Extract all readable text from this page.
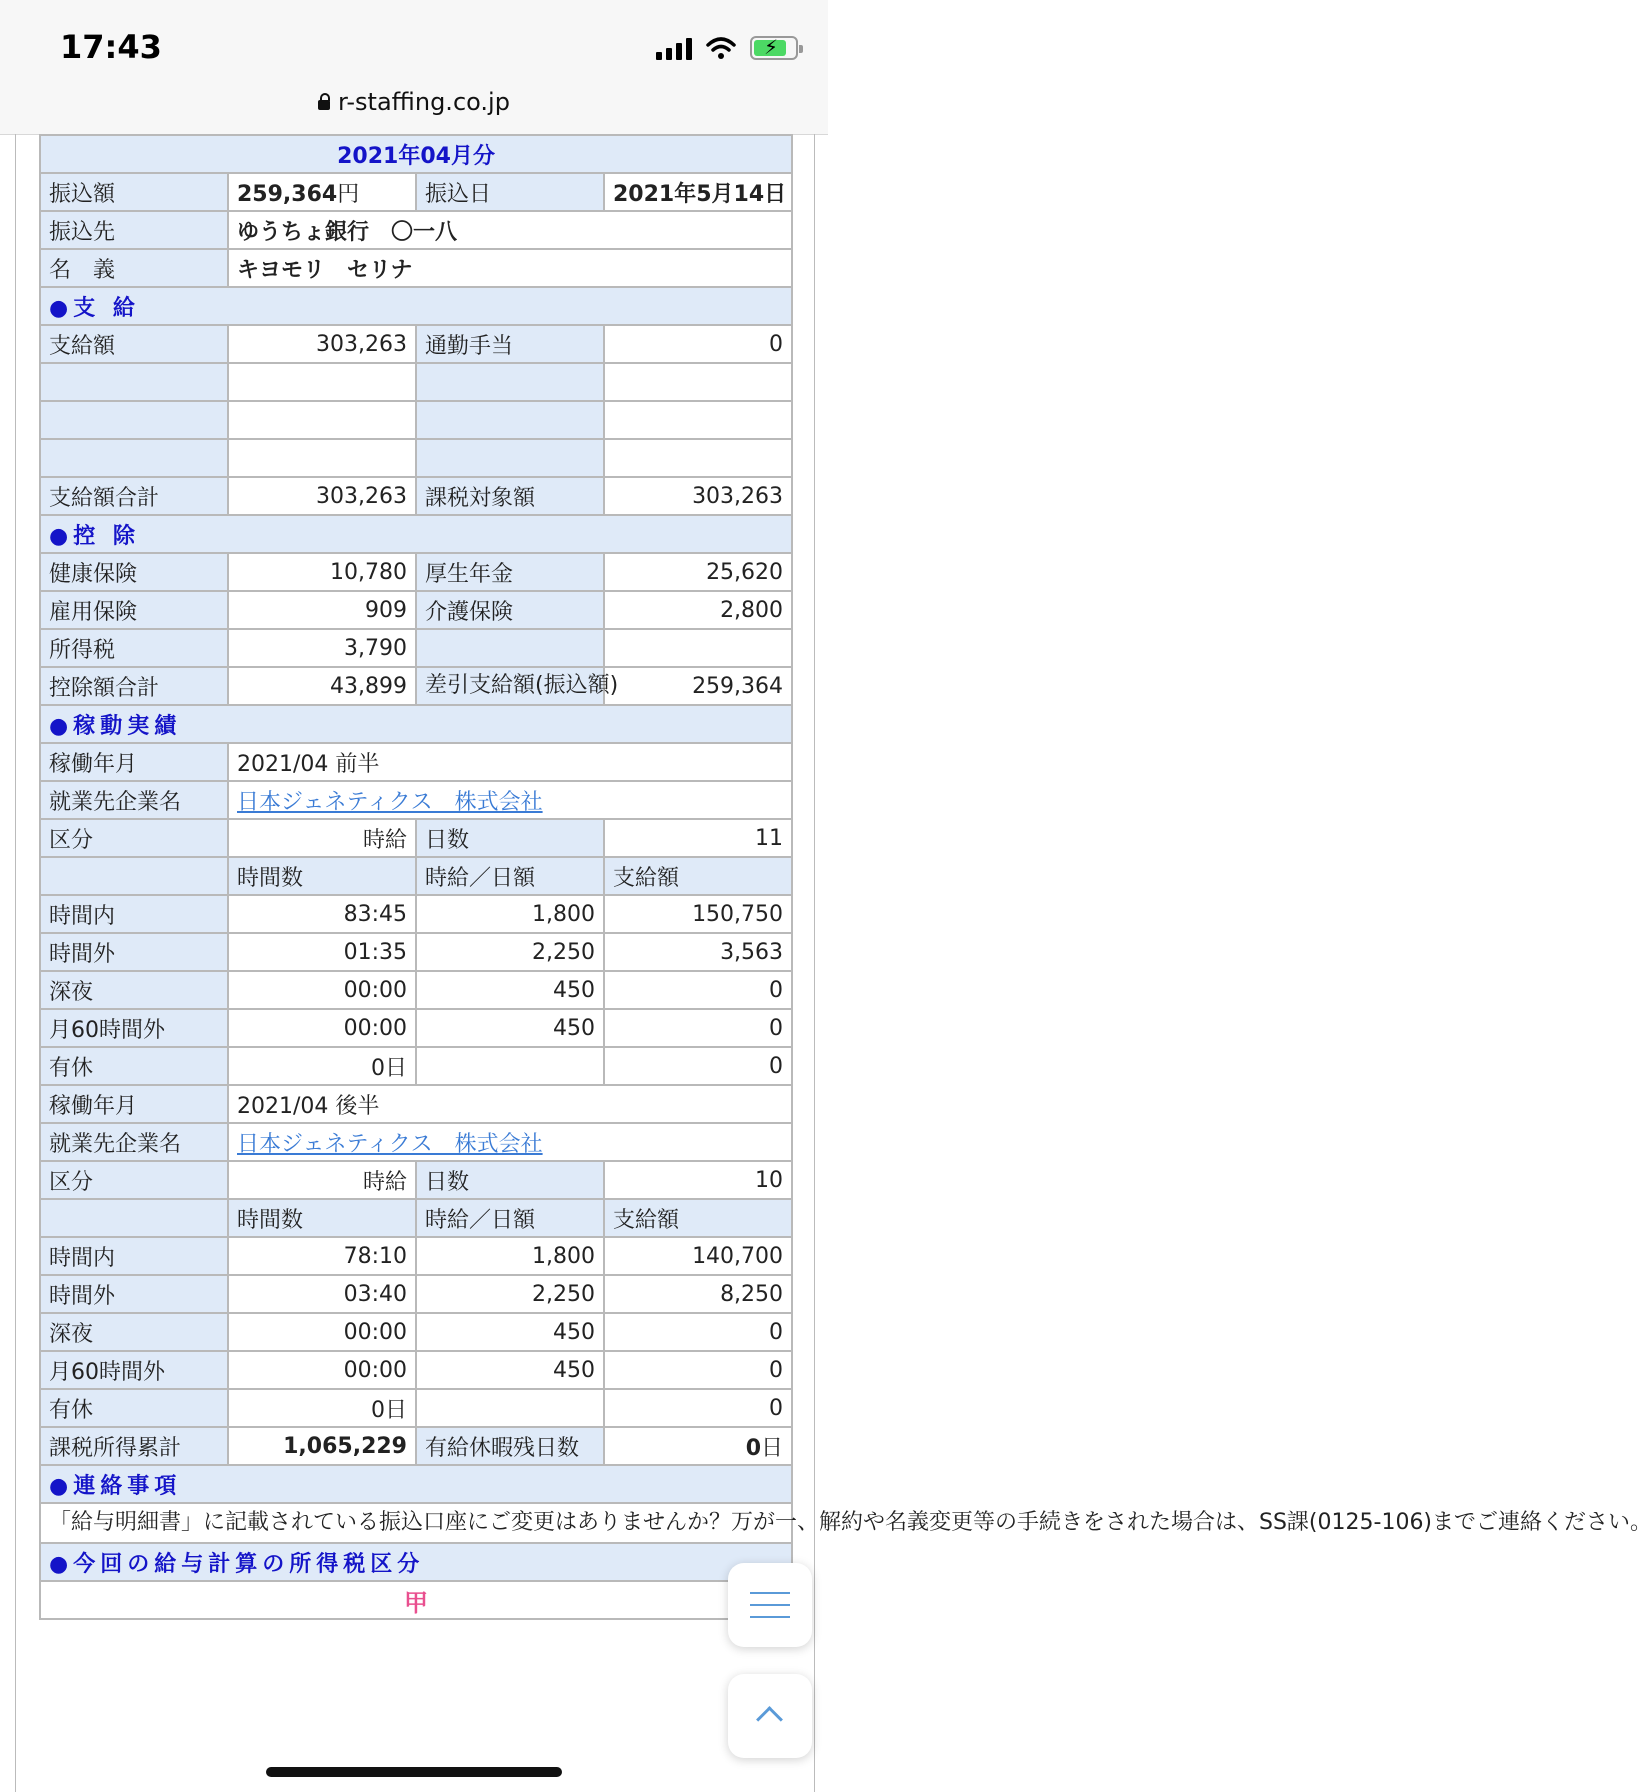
17:43	⚡
r-staffing.co.jp
2021年04月分			
振込額	259,364円	振込日	2021年5月14日
振込先	ゆうちょ銀行　〇一八		
名　義	キヨモリ　セリナ		
●支 給			
支給額	303,263	通勤手当	0

支給額合計	303,263	課税対象額	303,263
●控 除			
健康保険	10,780	厚生年金	25,620
雇用保険	909	介護保険	2,800
所得税	3,790		
控除額合計	43,899	差引支給額(振込額)	259,364
●稼動実績			
稼働年月	2021/04 前半		
就業先企業名	日本ジェネティクス　株式会社		
区分	時給	日数	11
	時間数	時給／日額	支給額
時間内	83:45	1,800	150,750
時間外	01:35	2,250	3,563
深夜	00:00	450	0
月60時間外	00:00	450	0
有休	0日		0
稼働年月	2021/04 後半		
就業先企業名	日本ジェネティクス　株式会社		
区分	時給	日数	10
	時間数	時給／日額	支給額
時間内	78:10	1,800	140,700
時間外	03:40	2,250	8,250
深夜	00:00	450	0
月60時間外	00:00	450	0
有休	0日		0
課税所得累計	1,065,229	有給休暇残日数	0日
●連絡事項			
「給与明細書」に記載されている振込口座にご変更はありませんか？万が一、解約や名義変更等の手続きをされた場合は、SS課(0125-106)までご連絡ください。			
●今回の給与計算の所得税区分			
甲			
